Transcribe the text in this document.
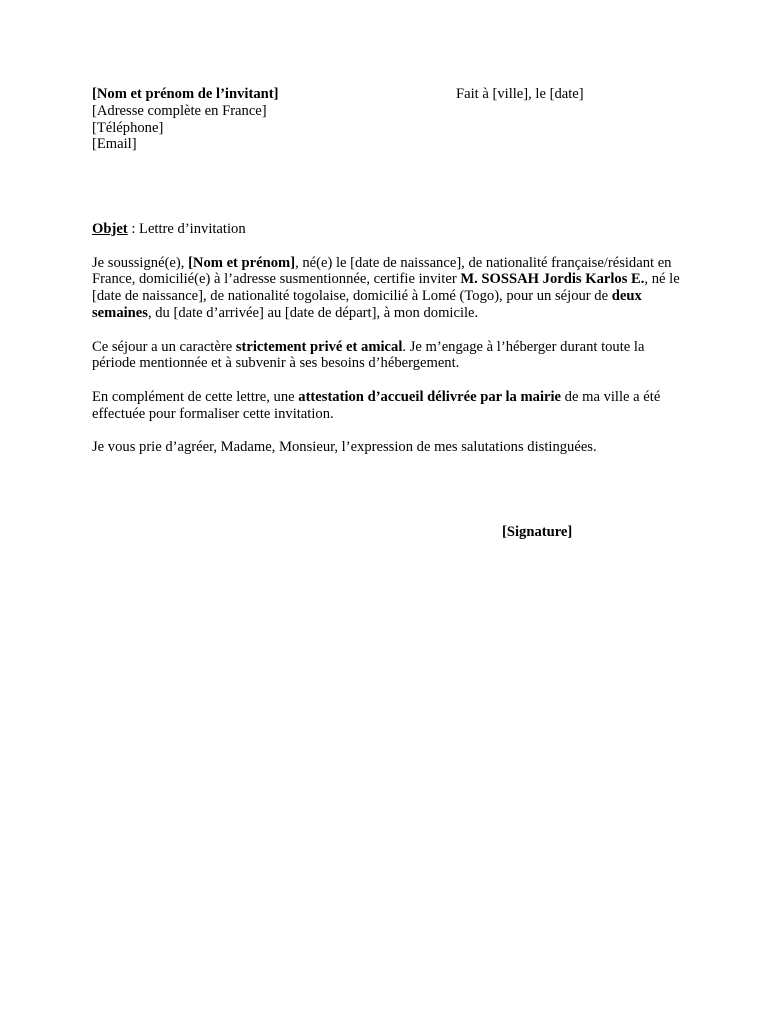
[Nom et prénom de l’invitant]
[Adresse complète en France]
[Téléphone]
[Email]
Fait à [ville], le [date]

Objet : Lettre d’invitation

Je soussigné(e), [Nom et prénom], né(e) le [date de naissance], de nationalité française/résidant en France, domicilié(e) à l’adresse susmentionnée, certifie inviter M. SOSSAH Jordis Karlos E., né le [date de naissance], de nationalité togolaise, domicilié à Lomé (Togo), pour un séjour de deux semaines, du [date d’arrivée] au [date de départ], à mon domicile.

Ce séjour a un caractère strictement privé et amical. Je m’engage à l’héberger durant toute la période mentionnée et à subvenir à ses besoins d’hébergement.

En complément de cette lettre, une attestation d’accueil délivrée par la mairie de ma ville a été effectuée pour formaliser cette invitation.

Je vous prie d’agréer, Madame, Monsieur, l’expression de mes salutations distinguées.

[Signature]
